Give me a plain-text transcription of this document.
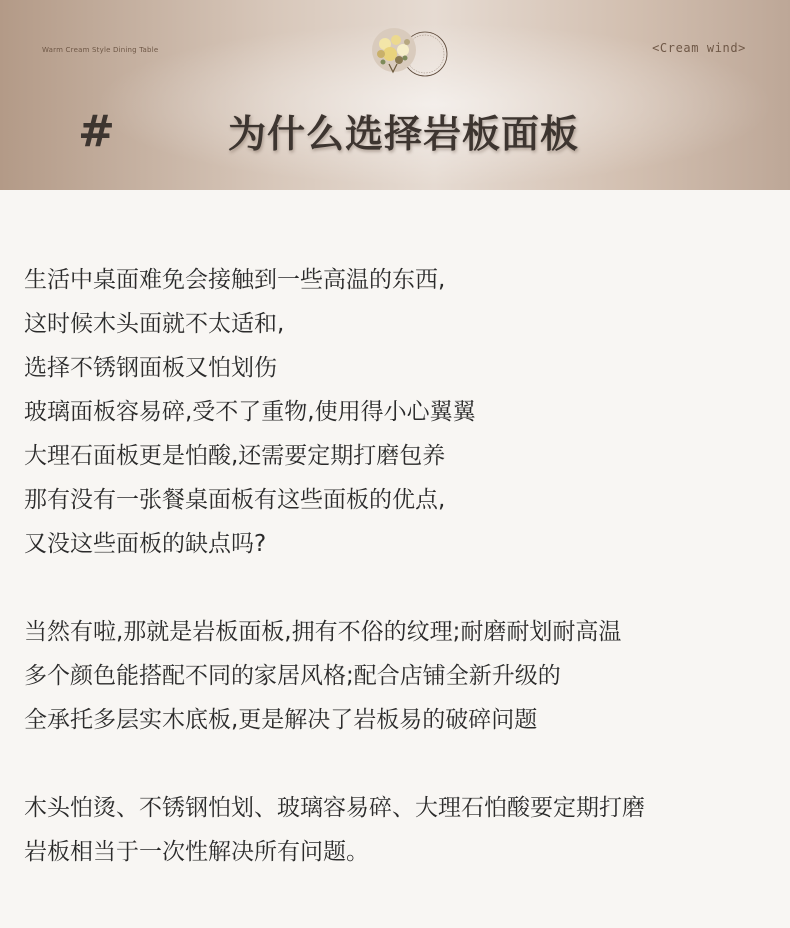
Warm Cream Style Dining Table	<Cream wind>
#	为什么选择岩板面板
生活中桌面难免会接触到一些高温的东西,
这时候木头面就不太适和,
选择不锈钢面板又怕划伤
玻璃面板容易碎,受不了重物,使用得小心翼翼
大理石面板更是怕酸,还需要定期打磨包养
那有没有一张餐桌面板有这些面板的优点,
又没这些面板的缺点吗?
当然有啦,那就是岩板面板,拥有不俗的纹理;耐磨耐划耐高温
多个颜色能搭配不同的家居风格;配合店铺全新升级的
全承托多层实木底板,更是解决了岩板易的破碎问题
木头怕烫、不锈钢怕划、玻璃容易碎、大理石怕酸要定期打磨
岩板相当于一次性解决所有问题。
